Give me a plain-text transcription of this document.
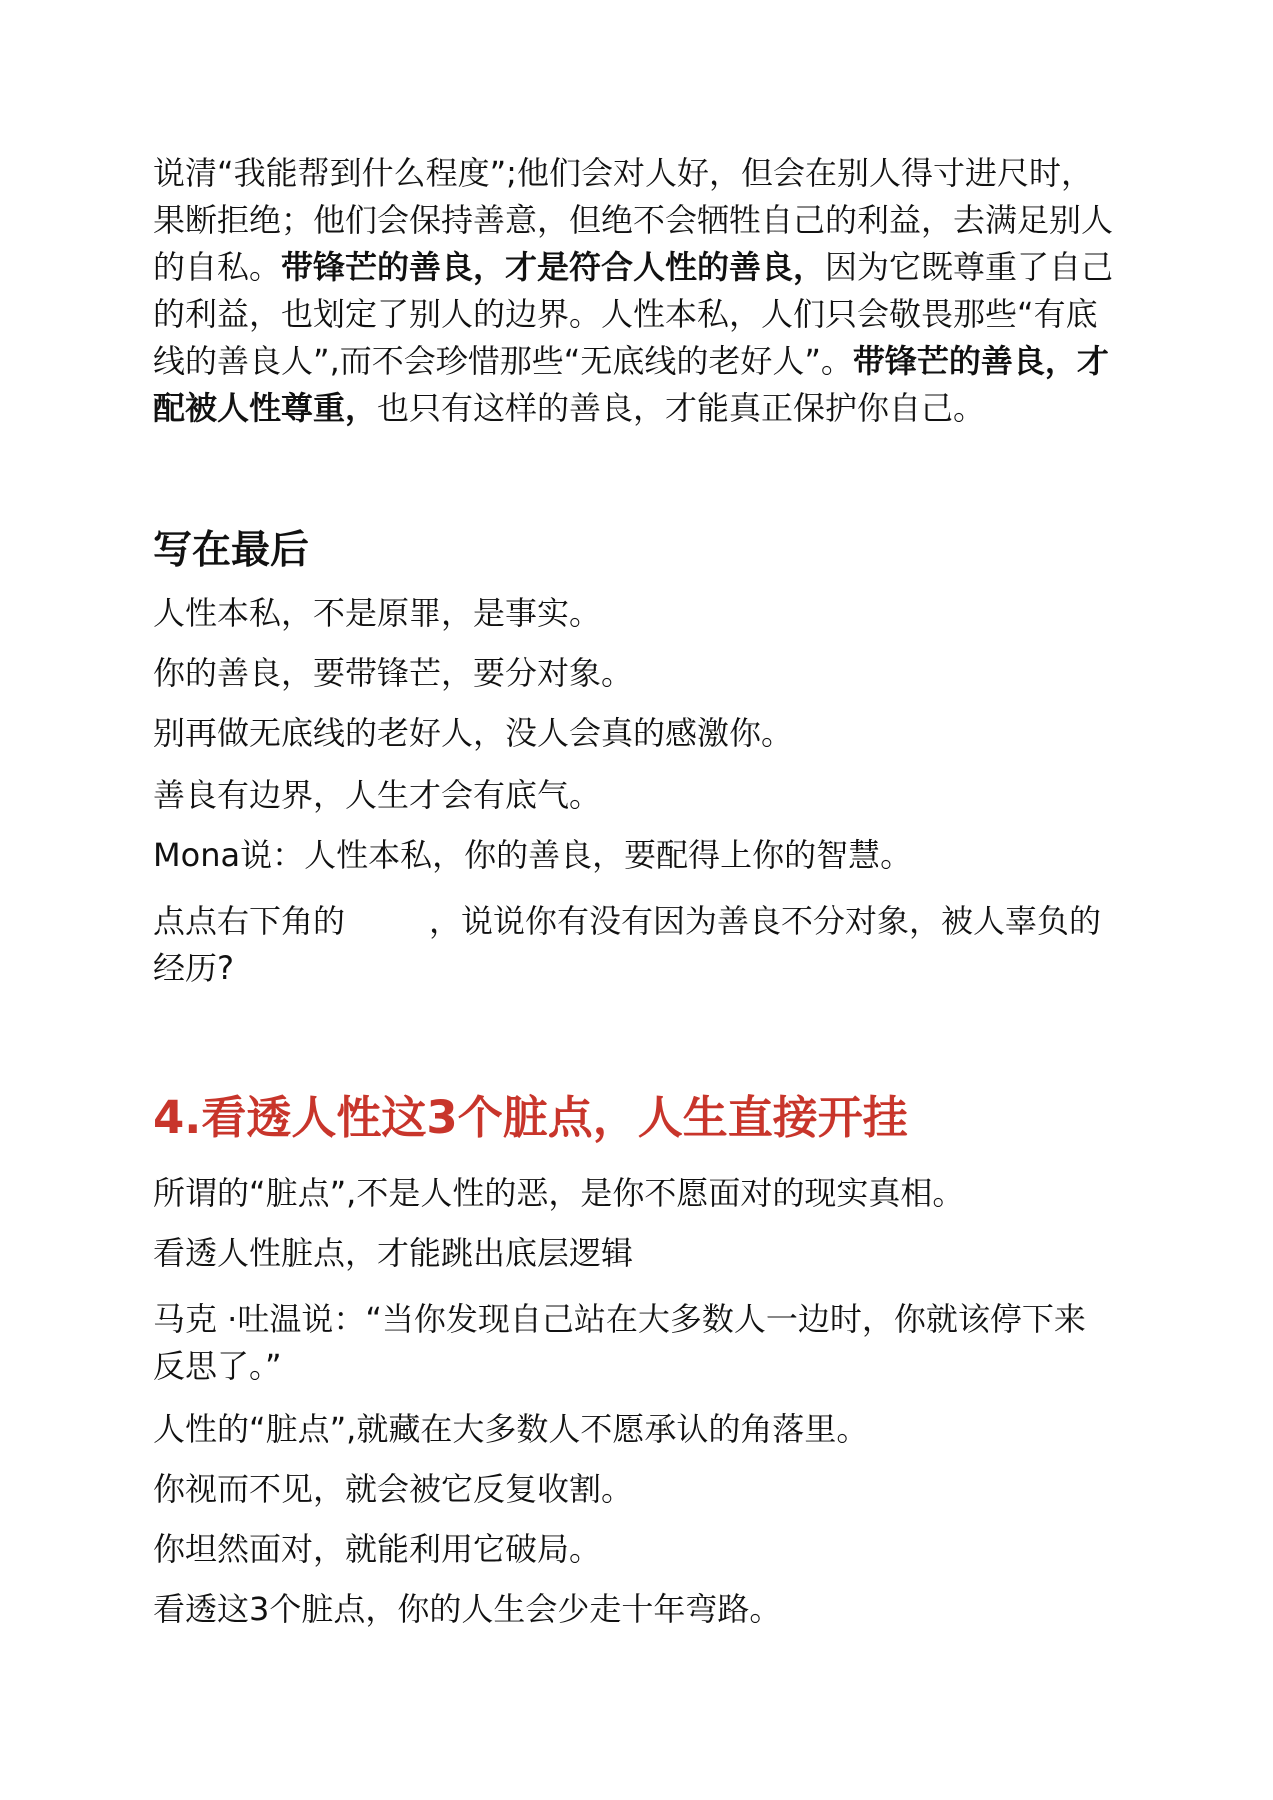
说清“我能帮到什么程度”;他们会对人好，但会在别人得寸进尺时，果断拒绝；他们会保持善意，但绝不会牺牲自己的利益，去满足别人的自私。带锋芒的善良，才是符合人性的善良，因为它既尊重了自己的利益，也划定了别人的边界。人性本私，人们只会敬畏那些“有底线的善良人”,而不会珍惜那些“无底线的老好人”。带锋芒的善良，才配被人性尊重，也只有这样的善良，才能真正保护你自己。

写在最后

人性本私，不是原罪，是事实。

你的善良，要带锋芒，要分对象。

别再做无底线的老好人，没人会真的感激你。

善良有边界，人生才会有底气。

Mona说：人性本私，你的善良，要配得上你的智慧。

点点右下角的	，说说你有没有因为善良不分对象，被人辜负的经历?

4.看透人性这3个脏点，人生直接开挂

所谓的“脏点”,不是人性的恶，是你不愿面对的现实真相。

看透人性脏点，才能跳出底层逻辑

马克 ·吐温说：“当你发现自己站在大多数人一边时，你就该停下来反思了。”

人性的“脏点”,就藏在大多数人不愿承认的角落里。

你视而不见，就会被它反复收割。

你坦然面对，就能利用它破局。

看透这3个脏点，你的人生会少走十年弯路。
